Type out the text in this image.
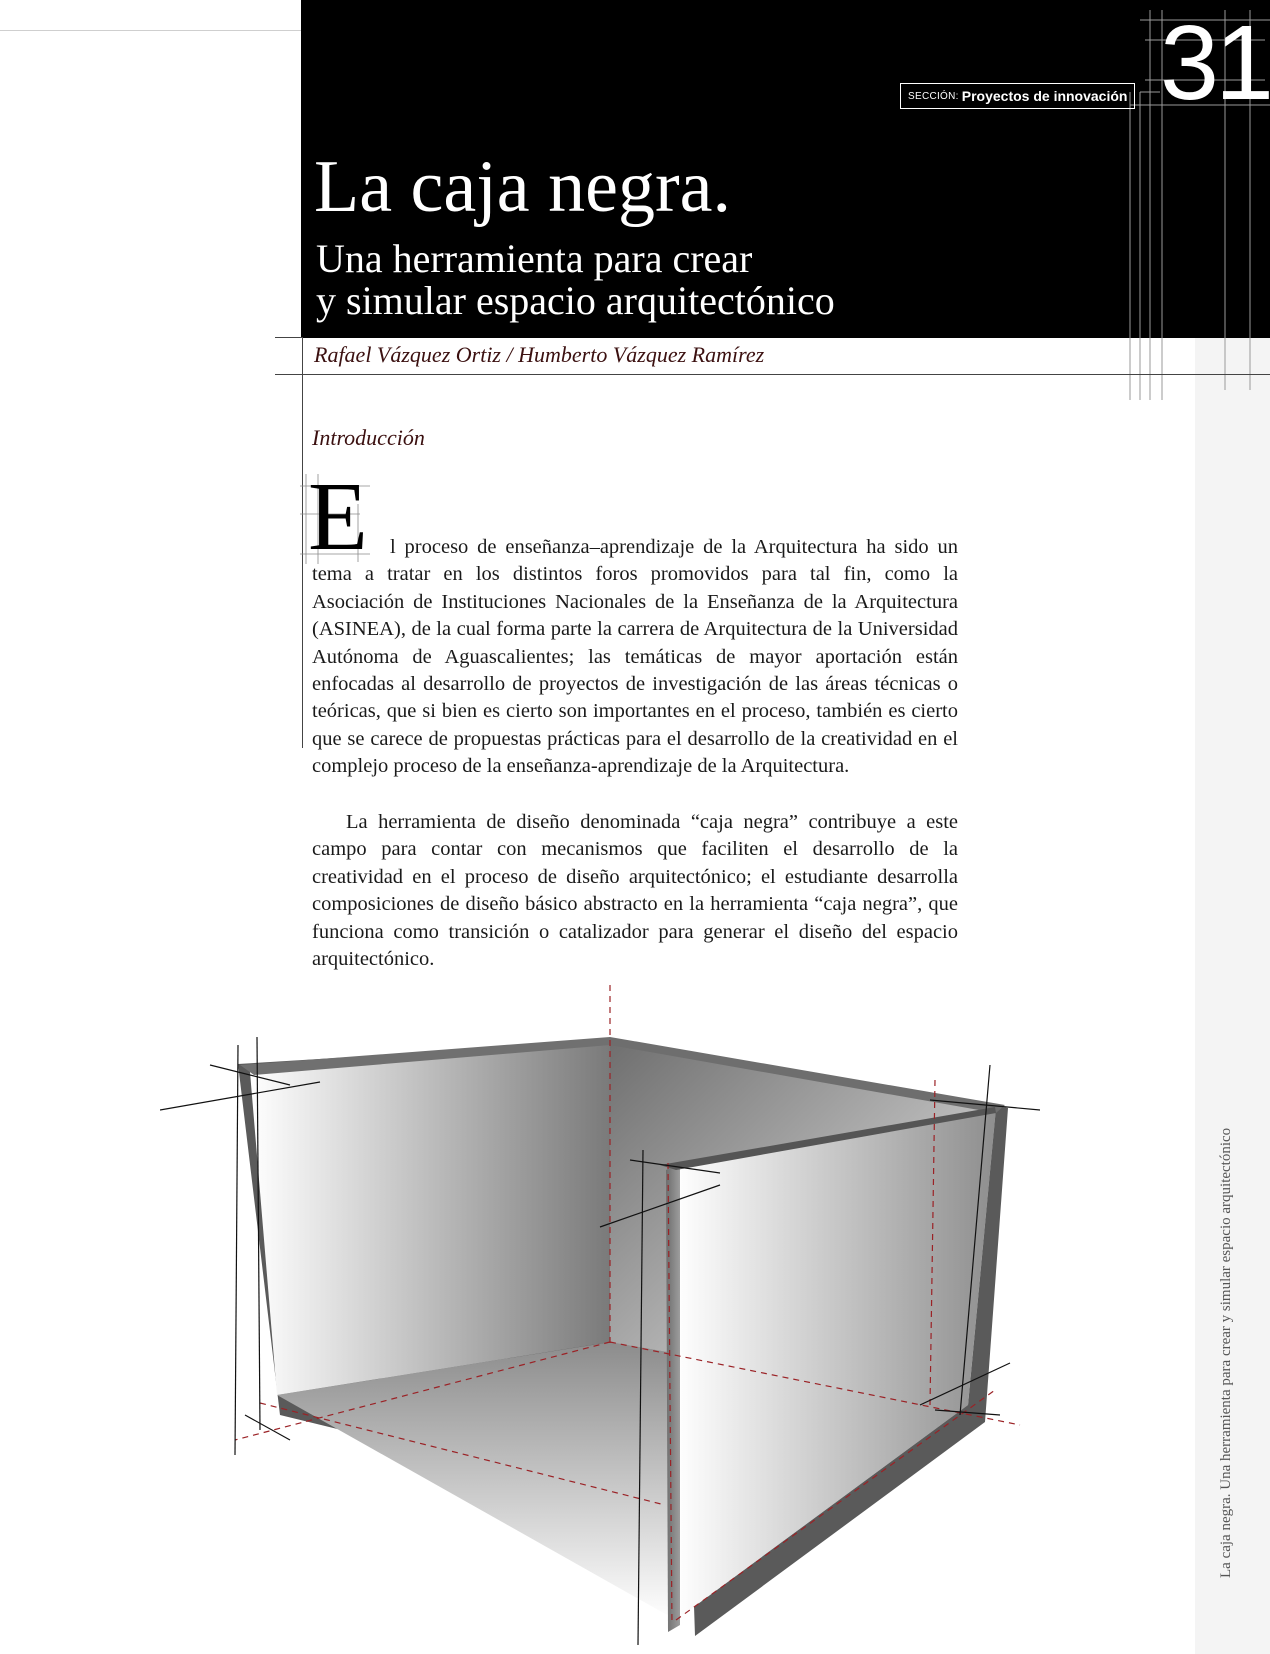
31
SECCIÓN: Proyectos de innovación
La caja negra.
Una herramienta para crear
y simular espacio arquitectónico

Rafael Vázquez Ortiz / Humberto Vázquez Ramírez

Introducción
E	l proceso de enseñanza–aprendizaje de la Arquitectura ha sido un tema a tratar en los distintos foros promovidos para tal fin, como la Asociación de Instituciones Nacionales de la Enseñanza de la Arquitectura (ASINEA), de la cual forma parte la carrera de Arquitectura de la Universidad Autónoma de Aguascalientes; las temáticas de mayor aportación están enfocadas al desarrollo de proyectos de investigación de las áreas técnicas o teóricas, que si bien es cierto son importantes en el proceso, también es cierto que se carece de propuestas prácticas para el desarrollo de la creatividad en el complejo proceso de la enseñanza-aprendizaje de la Arquitectura.

La herramienta de diseño denominada “caja negra” contribuye a este campo para contar con mecanismos que faciliten el desarrollo de la creatividad en el proceso de diseño arquitectónico; el estudiante desarrolla composiciones de diseño básico abstracto en la herramienta “caja negra”, que funciona como transición o catalizador para generar el diseño del espacio arquitectónico.

La caja negra. Una herramienta para crear y simular espacio arquitectónico
